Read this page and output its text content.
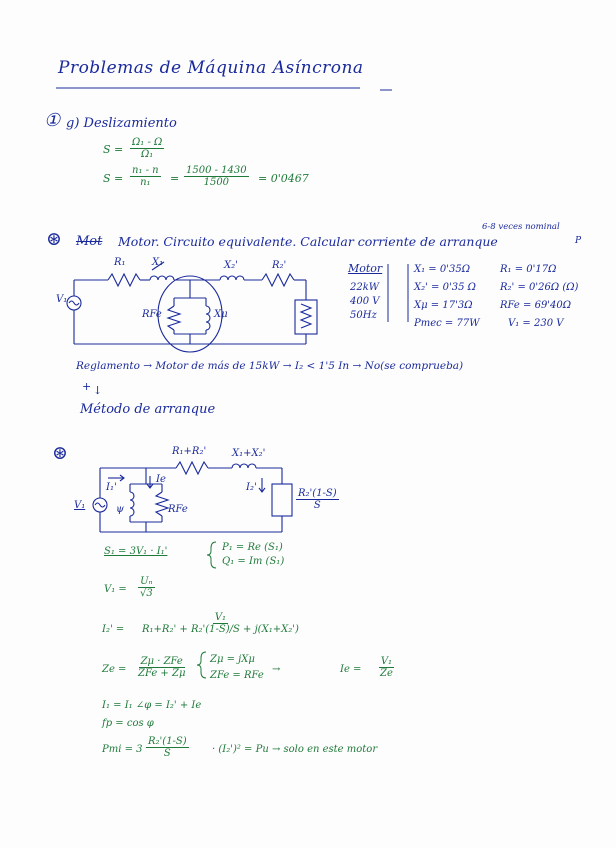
Problemas de Máquina Asíncrona
① g) Deslizamiento
$S = \frac{\text{Ω₁ - Ω}}{\text{Ω₁}}$
$S = \frac{\text{n₁ - n}}{\text{n₁}} = \frac{1500 - 1430}{1500} = 0'0467$
⊛ Mot Motor. Circuito equivalente. Calcular corriente de arranque
6-8 veces nominal
P
R₁	X₁	X₂'	R₂'
V₁
RFe	Xμ
Motor
22kW
400 V
50Hz
X₁ = 0'35Ω	R₁ = 0'17Ω
X₂' = 0'35 Ω R₂' = 0'26Ω (Ω)
Xμ = 17'3Ω	RFe = 69'40Ω
Pmec = 77W	V₁ = 230 V
Reglamento → Motor de más de 15kW → I₂ < 1'5 In → No(se comprueba)
+ ↓
Método de arranque
⊛	R₁+R₂'	X₁+X₂'
I₁'
Ie
I₂'
V₁	ψ	RFe	$\frac{\text{R₂'(1-S)}}{S}$
S₁ = 3V₁ · I₁'	P₁ = Re (S₁)
Q₁ = Im (S₁)
$V_1 = \frac{\text{Uₙ}}{√3}$
$I_2' = \frac{\text{V₁}}{\text{R₁+R₂' + R₂'(1-S)/S + j(X₁+X₂')}}$
Ze =
Zμ · ZFe
ZFe + Zμ
Zμ = jXμ
ZFe = RFe
→	$Ie = \frac{\text{V₁}}{Ze}$
I₁ = I₁ ∠φ = I₂' + Ie
fp = cos φ
Pmi = $3 \frac{\text{R₂'(1-S)}}{S} \cdot (I_2')^2 = Pu$ → solo en este motor
